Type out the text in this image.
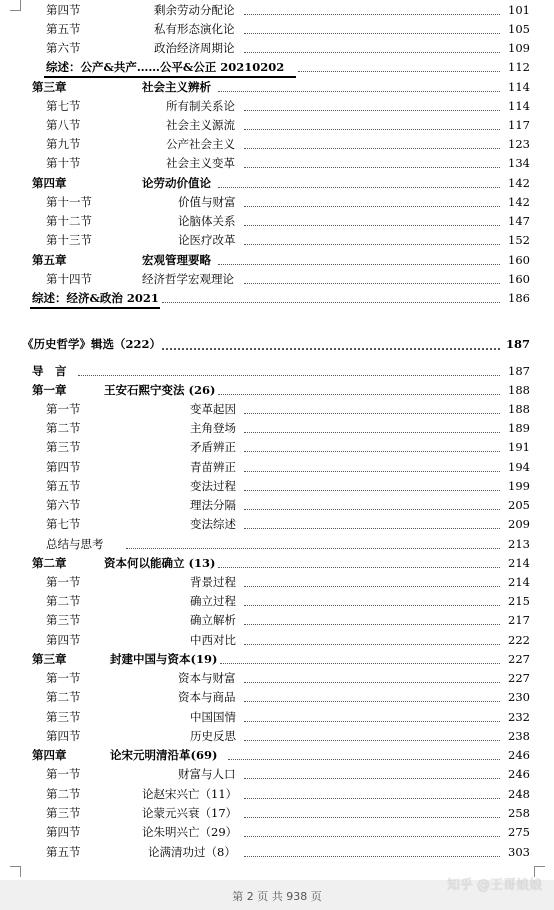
第四节	剩余劳动分配论	101
第五节	私有形态演化论	105
第六节	政治经济周期论	109
综述：公产&共产……公平&公正 20210202	112
第三章	社会主义辨析	114
第七节	所有制关系论	114
第八节	社会主义源流	117
第九节	公产社会主义	123
第十节	社会主义变革	134
第四章	论劳动价值论	142
第十一节	价值与财富	142
第十二节	论脑体关系	147
第十三节	论医疗改革	152
第五章	宏观管理要略	160
第十四节	经济哲学宏观理论	160
综述：经济&政治 2021	186
《历史哲学》辑选（222）	187
导　言	187
第一章	王安石熙宁变法 (26)	188
第一节	变革起因	188
第二节	主角登场	189
第三节	矛盾辨正	191
第四节	青苗辨正	194
第五节	变法过程	199
第六节	理法分隔	205
第七节	变法综述	209
总结与思考	213
第二章	资本何以能确立 (13)	214
第一节	背景过程	214
第二节	确立过程	215
第三节	确立解析	217
第四节	中西对比	222
第三章	封建中国与资本(19)	227
第一节	资本与财富	227
第二节	资本与商品	230
第三节	中国国情	232
第四节	历史反思	238
第四章	论宋元明清沿革(69)	246
第一节	财富与人口	246
第二节	论赵宋兴亡（11）	248
第三节	论蒙元兴衰（17）	258
第四节	论朱明兴亡（29）	275
第五节	论满清功过（8）	303
第 2 页 共 938 页
知乎 @王哥娘娘
